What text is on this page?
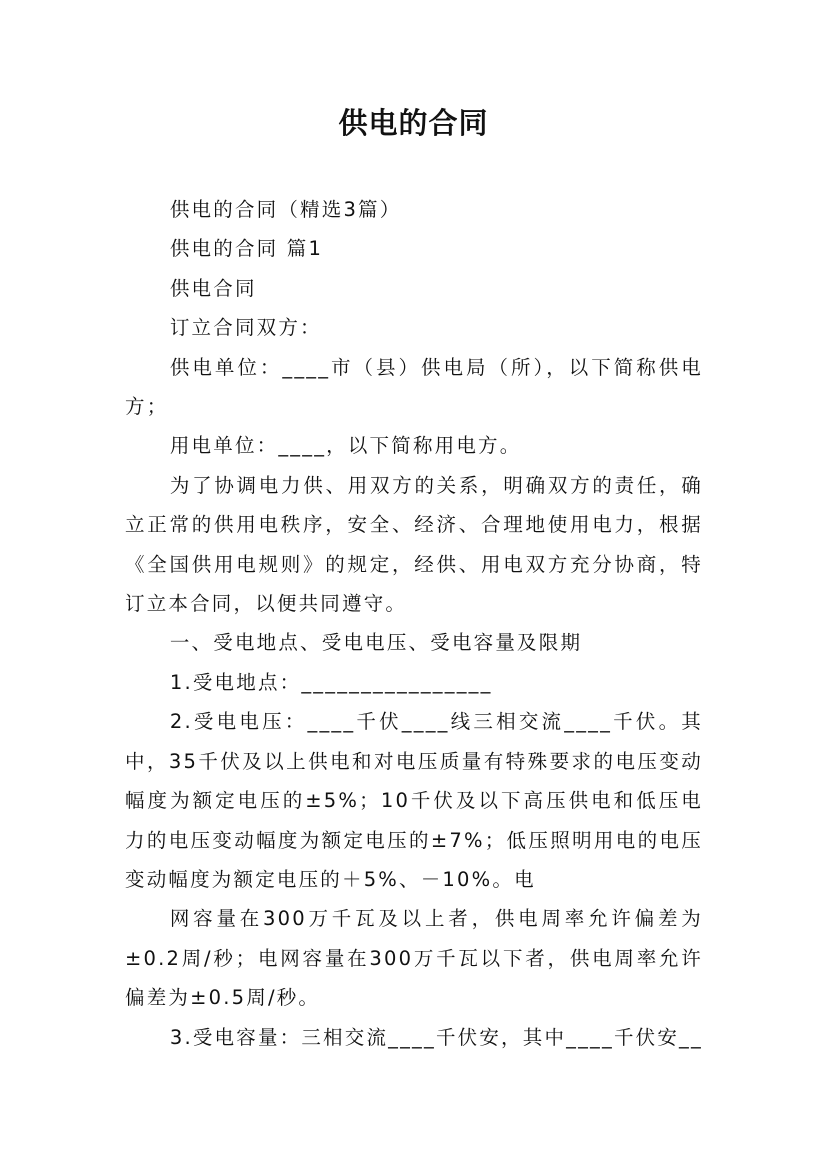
供电的合同

供电的合同（精选3篇）

供电的合同 篇1

供电合同

订立合同双方：

供电单位：____市（县）供电局（所），以下简称供电方；

用电单位：____，以下简称用电方。

为了协调电力供、用双方的关系，明确双方的责任，确立正常的供用电秩序，安全、经济、合理地使用电力，根据《全国供用电规则》的规定，经供、用电双方充分协商，特订立本合同，以便共同遵守。

一、受电地点、受电电压、受电容量及限期

1.受电地点：________________

2.受电电压：____千伏____线三相交流____千伏。其中，35千伏及以上供电和对电压质量有特殊要求的电压变动幅度为额定电压的±5%；10千伏及以下高压供电和低压电力的电压变动幅度为额定电压的±7%；低压照明用电的电压变动幅度为额定电压的＋5%、－10%。电

网容量在300万千瓦及以上者，供电周率允许偏差为±0.2周/秒；电网容量在300万千瓦以下者，供电周率允许偏差为±0.5周/秒。

3.受电容量：三相交流____千伏安，其中____千伏安__
